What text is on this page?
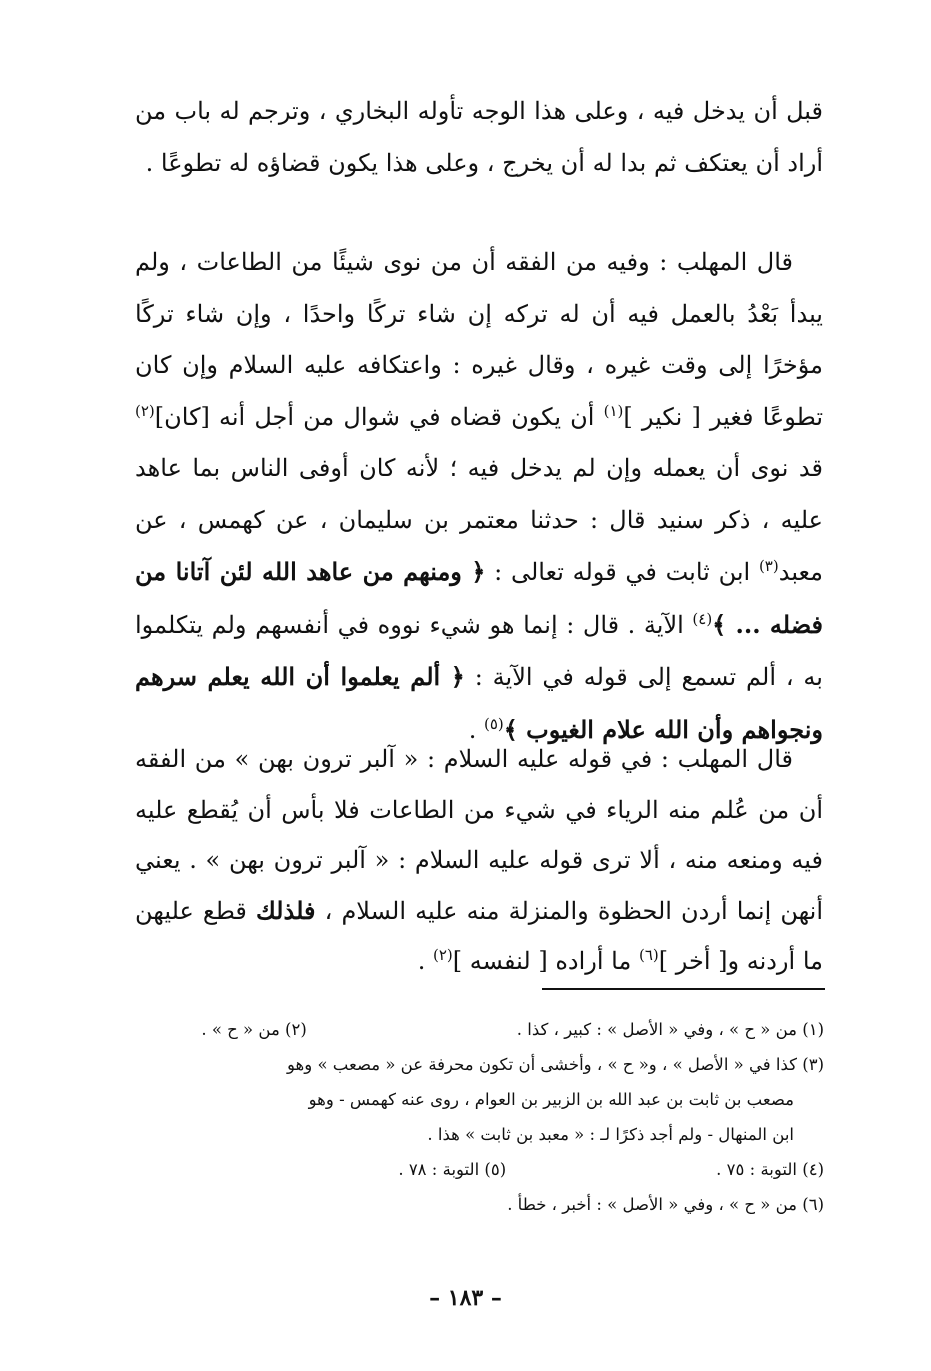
قبل أن يدخل فيه ، وعلى هذا الوجه تأوله البخاري ، وترجم له باب من أراد أن يعتكف ثم بدا له أن يخرج ، وعلى هذا يكون قضاؤه له تطوعًا .

قال المهلب : وفيه من الفقه أن من نوى شيئًا من الطاعات ، ولم يبدأ بَعْدُ بالعمل فيه أن له تركه إن شاء تركًا واحدًا ، وإن شاء تركًا مؤخرًا إلى وقت غيره ، وقال غيره : واعتكافه عليه السلام وإن كان تطوعًا فغير [ نكير ]$^{(١)}$ أن يكون قضاه في شوال من أجل أنه [كان]$^{(٢)}$ قد نوى أن يعمله وإن لم يدخل فيه ؛ لأنه كان أوفى الناس بما عاهد عليه ، ذكر سنيد قال : حدثنا معتمر بن سليمان ، عن كهمس ، عن معبد$^{(٣)}$ ابن ثابت في قوله تعالى : ﴿ ومنهم من عاهد الله لئن آتانا من فضله ... ﴾$^{(٤)}$ الآية . قال : إنما هو شيء نووه في أنفسهم ولم يتكلموا به ، ألم تسمع إلى قوله في الآية : ﴿ ألم يعلموا أن الله يعلم سرهم ونجواهم وأن الله علام الغيوب ﴾$^{(٥)}$ .

قال المهلب : في قوله عليه السلام : « آلبر ترون بهن » من الفقه أن من عُلم منه الرياء في شيء من الطاعات فلا بأس أن يُقطع عليه فيه ومنعه منه ، ألا ترى قوله عليه السلام : « آلبر ترون بهن » . يعني أنهن إنما أردن الحظوة والمنزلة منه عليه السلام ، فلذلك قطع عليهن ما أردنه و[ أخر ]$^{(٦)}$ ما أراده [ لنفسه ]$^{(٢)}$ .

(١) من « ح » ، وفي « الأصل » : كبير ، كذا .
(٢) من « ح » .
(٣) كذا في « الأصل » ، و« ح » ، وأخشى أن تكون محرفة عن « مصعب » وهو
مصعب بن ثابت بن عبد الله بن الزبير بن العوام ، روى عنه كهمس - وهو
ابن المنهال - ولم أجد ذكرًا لـ : « معبد بن ثابت » هذا .
(٤) التوبة : ٧٥ .
(٥) التوبة : ٧٨ .
(٦) من « ح » ، وفي « الأصل » : أخبر ، خطأ .
– ١٨٣ –
